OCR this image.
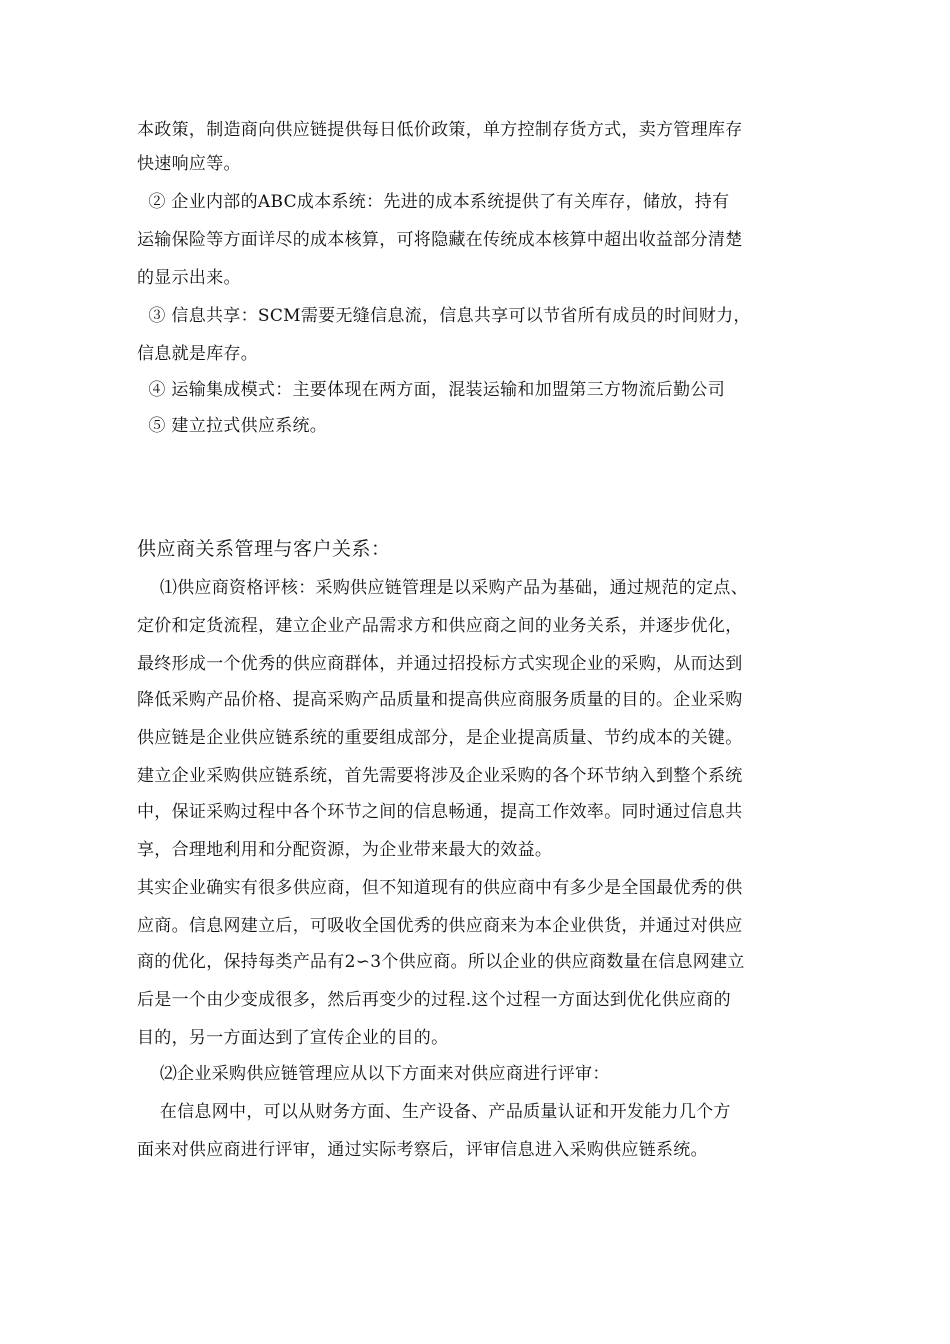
本政策，制造商向供应链提供每日低价政策，单方控制存货方式，卖方管理库存
快速响应等。
② 企业内部的ABC成本系统：先进的成本系统提供了有关库存，储放，持有
运输保险等方面详尽的成本核算，可将隐藏在传统成本核算中超出收益部分清楚
的显示出来。
③ 信息共享：SCM需要无缝信息流，信息共享可以节省所有成员的时间财力，
信息就是库存。
④ 运输集成模式：主要体现在两方面，混装运输和加盟第三方物流后勤公司
⑤ 建立拉式供应系统。
供应商关系管理与客户关系：
⑴供应商资格评核：采购供应链管理是以采购产品为基础，通过规范的定点、
定价和定货流程，建立企业产品需求方和供应商之间的业务关系，并逐步优化，
最终形成一个优秀的供应商群体，并通过招投标方式实现企业的采购，从而达到
降低采购产品价格、提高采购产品质量和提高供应商服务质量的目的。企业采购
供应链是企业供应链系统的重要组成部分，是企业提高质量、节约成本的关键。
建立企业采购供应链系统，首先需要将涉及企业采购的各个环节纳入到整个系统
中，保证采购过程中各个环节之间的信息畅通，提高工作效率。同时通过信息共
享，合理地利用和分配资源，为企业带来最大的效益。
其实企业确实有很多供应商，但不知道现有的供应商中有多少是全国最优秀的供
应商。信息网建立后，可吸收全国优秀的供应商来为本企业供货，并通过对供应
商的优化，保持每类产品有2∽3个供应商。所以企业的供应商数量在信息网建立
后是一个由少变成很多，然后再变少的过程.这个过程一方面达到优化供应商的
目的，另一方面达到了宣传企业的目的。
⑵企业采购供应链管理应从以下方面来对供应商进行评审：
在信息网中，可以从财务方面、生产设备、产品质量认证和开发能力几个方
面来对供应商进行评审，通过实际考察后，评审信息进入采购供应链系统。
